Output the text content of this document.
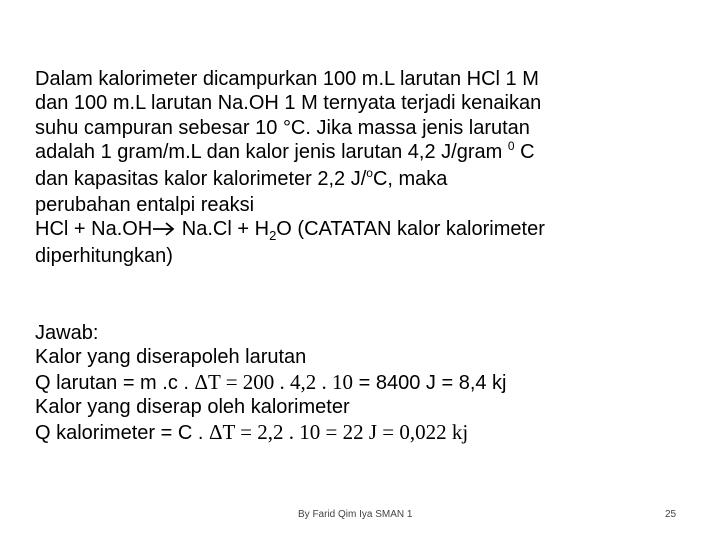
Dalam kalorimeter dicampurkan 100 m.L larutan HCl 1 M
dan 100 m.L larutan Na.OH 1 M ternyata terjadi kenaikan
suhu campuran sebesar 10 °C. Jika massa jenis larutan
adalah 1 gram/m.L dan kalor jenis larutan 4,2 J/gram $^0$ C
dan kapasitas kalor kalorimeter 2,2 J/$^o$C, maka
perubahan entalpi reaksi
HCl + Na.OH $Na.Cl + H_2O$ (CATATAN kalor kalorimeter
diperhitungkan)
Jawab:
Kalor yang diserapoleh larutan
Q larutan = m .c . ΔT = 200 . 4,2 . 10 = 8400 J = 8,4 kj
Kalor yang diserap oleh kalorimeter
Q kalorimeter = C . ΔT = 2,2 . 10 = 22 J = 0,022 kj
By Farid Qim Iya SMAN 1	25
